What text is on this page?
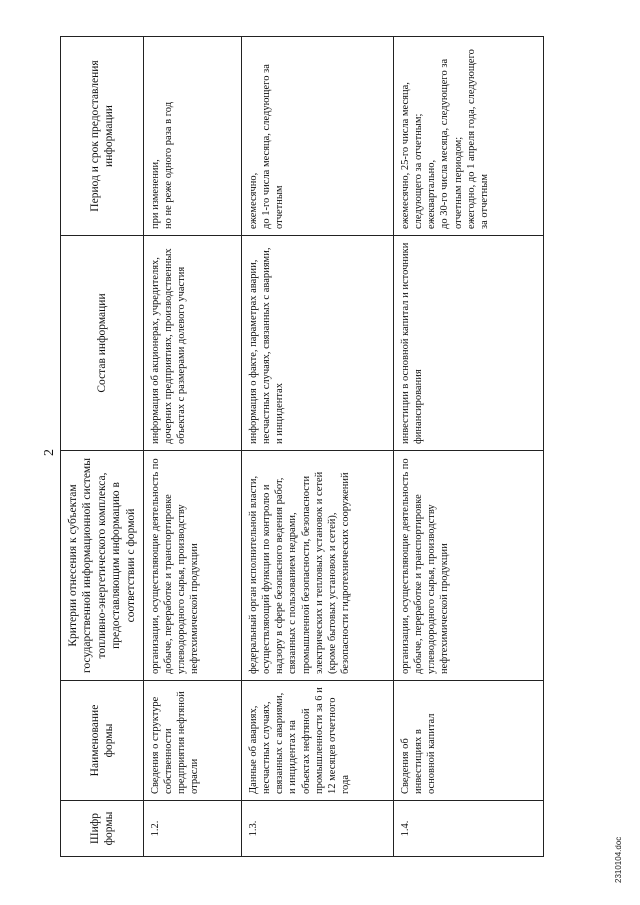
2
Шифр формы	Наименование формы	Критерии отнесения к субъектам государственной информационной системы топливно-энергетического комплекса, предоставляющим информацию в соответствии с формой	Состав информации	Период и срок предоставления информации
1.2.	Сведения о структуре собственности предприятия нефтяной отрасли	организации, осуществляющие деятельность по добыче, переработке и транспортировке углеводородного сырья, производству нефтехимической продукции	информация об акционерах, учредителях, дочерних предприятиях, производственных объектах с размерами долевого участия	при изменении,
но не реже одного раза в год
1.3.	Данные об авариях, несчастных случаях, связанных с авариями, и инцидентах на объектах нефтяной промышленности за 6 и 12 месяцев отчетного года	федеральный орган исполнительной власти, осуществляющий функции по контролю и надзору в сфере безопасного ведения работ, связанных с пользованием недрами, промышленной безопасности, безопасности электрических и тепловых установок и сетей (кроме бытовых установок и сетей), безопасности гидротехнических сооружений	информация о факте, параметрах аварии, несчастных случаях, связанных с авариями, и инцидентах	ежемесячно,
до 1-го числа месяца, следующего за отчетным
1.4.	Сведения об инвестициях в основной капитал	организации, осуществляющие деятельность по добыче, переработке и транспортировке углеводородного сырья, производству нефтехимической продукции	инвестиции в основной капитал и источники финансирования	ежемесячно, 25-го числа месяца, следующего за отчетным;
ежеквартально,
до 30-го числа месяца, следующего за отчетным периодом;
ежегодно, до 1 апреля года, следующего за отчетным
2310104.doc
